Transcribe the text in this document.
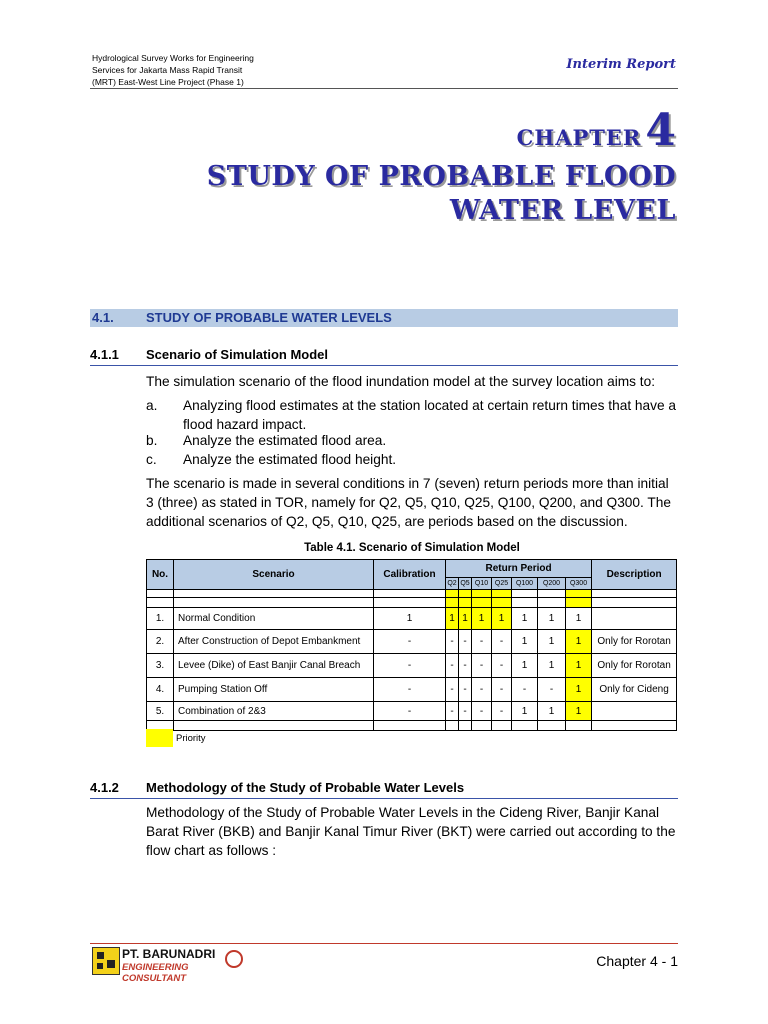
Hydrological Survey Works for Engineering
Services for Jakarta Mass Rapid Transit
(MRT) East-West Line Project (Phase 1)
Interim Report
CHAPTER4
STUDY OF PROBABLE FLOOD
WATER LEVEL
4.1. STUDY OF PROBABLE WATER LEVELS
4.1.1 Scenario of Simulation Model
The simulation scenario of the flood inundation model at the survey location aims to:
a. Analyzing flood estimates at the station located at certain return times that have a flood hazard impact.
b. Analyze the estimated flood area.
c. Analyze the estimated flood height.
The scenario is made in several conditions in 7 (seven) return periods more than initial 3 (three) as stated in TOR, namely for Q2, Q5, Q10, Q25, Q100, Q200, and Q300. The additional scenarios of Q2, Q5, Q10, Q25, are periods based on the discussion.
Table 4.1. Scenario of Simulation Model
No.	Scenario	Calibration	Return Period							Description
			Q2	Q5	Q10	Q25	Q100	Q200	Q300	

1.	Normal Condition	1	1	1	1	1	1	1	1	
2.	After Construction of Depot Embankment	-	-	-	-	-	1	1	1	Only for Rorotan
3.	Levee (Dike) of East Banjir Canal Breach	-	-	-	-	-	1	1	1	Only for Rorotan
4.	Pumping Station Off	-	-	-	-	-	-	-	1	Only for Cideng
5.	Combination of 2&3	-	-	-	-	-	1	1	1	

Priority
4.1.2 Methodology of the Study of Probable Water Levels
Methodology of the Study of Probable Water Levels in the Cideng River, Banjir Kanal Barat River (BKB) and Banjir Kanal Timur River (BKT) were carried out according to the flow chart as follows :
PT. BARUNADRI
ENGINEERING CONSULTANT
Chapter 4 - 1
